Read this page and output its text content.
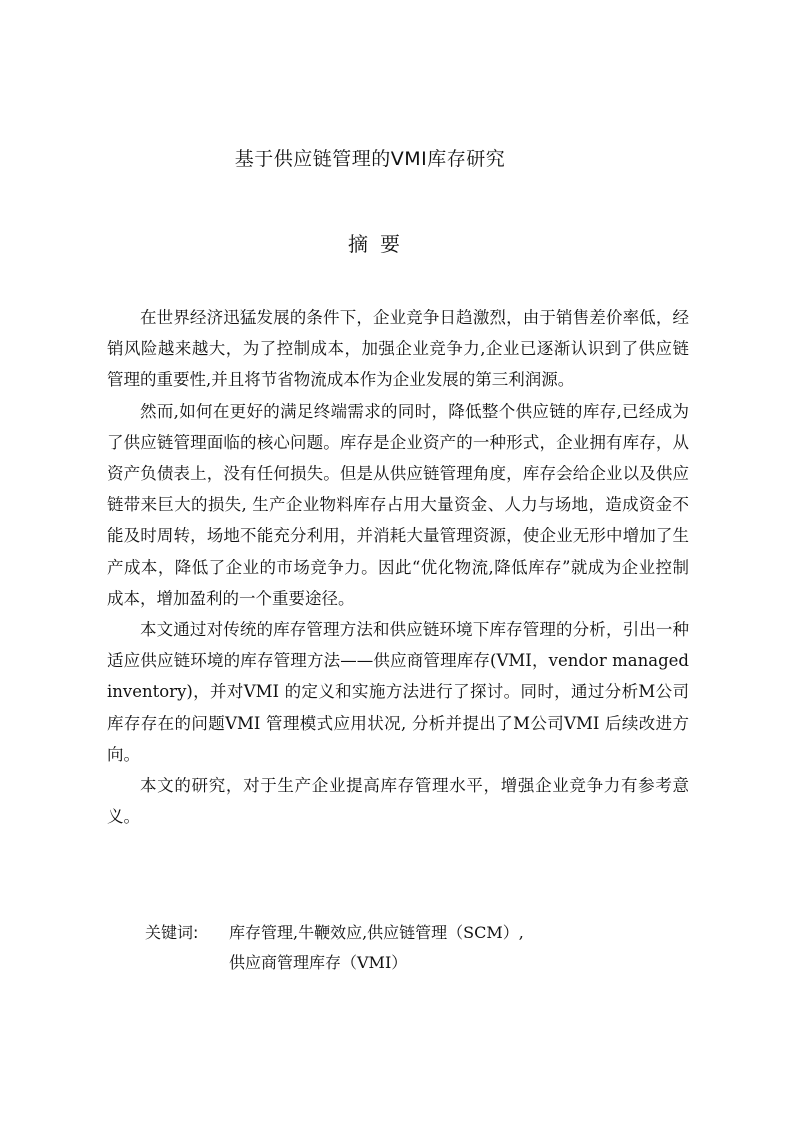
基于供应链管理的VMI库存研究
摘要

在世界经济迅猛发展的条件下，企业竞争日趋激烈，由于销售差价率低，经销风险越来越大，为了控制成本，加强企业竞争力,企业已逐渐认识到了供应链管理的重要性,并且将节省物流成本作为企业发展的第三利润源。

然而,如何在更好的满足终端需求的同时，降低整个供应链的库存,已经成为了供应链管理面临的核心问题。库存是企业资产的一种形式，企业拥有库存，从资产负债表上，没有任何损失。但是从供应链管理角度，库存会给企业以及供应链带来巨大的损失, 生产企业物料库存占用大量资金、人力与场地，造成资金不能及时周转，场地不能充分利用，并消耗大量管理资源，使企业无形中增加了生产成本，降低了企业的市场竞争力。因此“优化物流,降低库存”就成为企业控制成本，增加盈利的一个重要途径。

本文通过对传统的库存管理方法和供应链环境下库存管理的分析，引出一种适应供应链环境的库存管理方法——供应商管理库存(VMI，vendor managed inventory)，并对VMI 的定义和实施方法进行了探讨。同时，通过分析M公司库存存在的问题VMI 管理模式应用状况, 分析并提出了M公司VMI 后续改进方向。

本文的研究，对于生产企业提高库存管理水平，增强企业竞争力有参考意义。

关键词:	库存管理,牛鞭效应,供应链管理（SCM）,
供应商管理库存（VMI）
